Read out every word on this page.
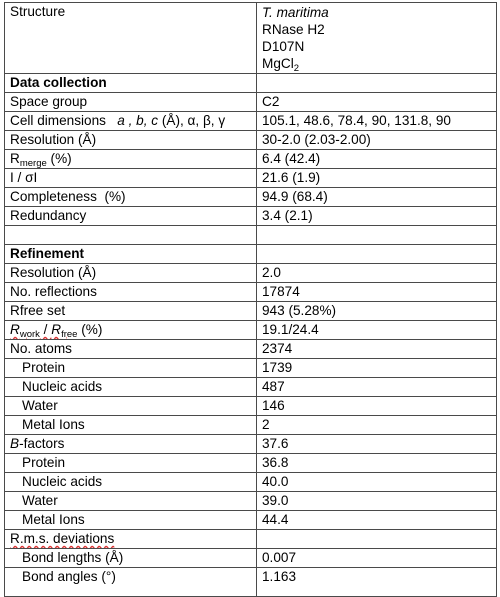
Structure	T. maritima
RNase H2
D107N
MgCl$_2$

Data collection	
Space group	C2
Cell dimensions   a , b, c (Å), α, β, γ	105.1, 48.6, 78.4, 90, 131.8, 90
Resolution (Å)	30-2.0 (2.03-2.00)
$R_{merge}$ (%)	6.4 (42.4)
I / σI	21.6 (1.9)
Completeness  (%)	94.9 (68.4)
Redundancy	3.4 (2.1)

Refinement	
Resolution (Å)	2.0
No. reflections	17874
Rfree set	943 (5.28%)
$R_{work} / R_{free}$ (%)	19.1/24.4
No. atoms	2374
Protein	1739
Nucleic acids	487
Water	146
Metal Ions	2
B-factors	37.6
Protein	36.8
Nucleic acids	40.0
Water	39.0
Metal Ions	44.4
R.m.s. deviations	
Bond lengths (Å)	0.007
Bond angles (°)	1.163
